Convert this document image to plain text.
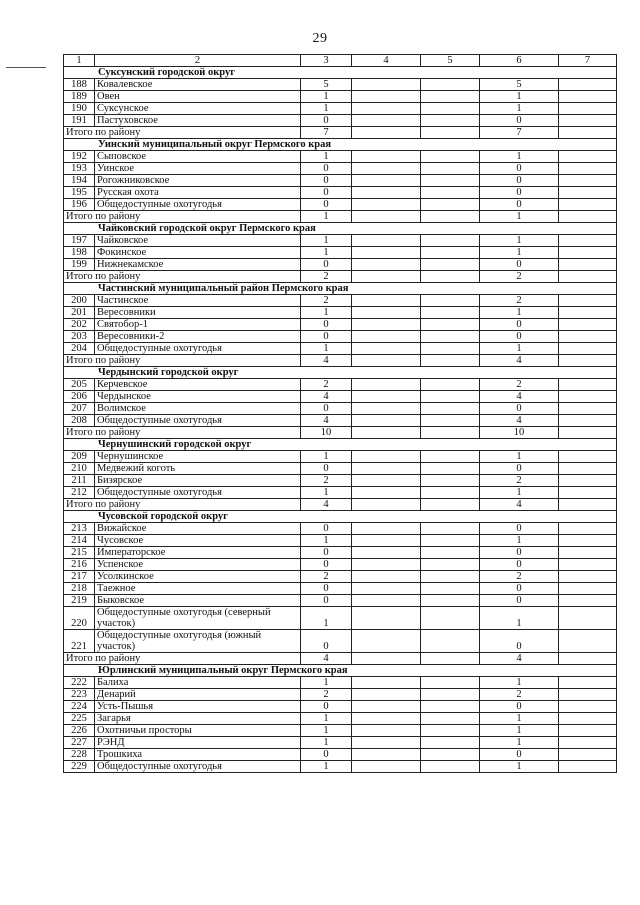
29
1	2	3	4	5	6	7
Суксунский городской округ						
188	Ковалевское	5			5	
189	Овен	1			1	
190	Суксунское	1			1	
191	Пастуховское	0			0	
Итого по району		7			7	
Уинский муниципальный округ Пермского края						
192	Сыповское	1			1	
193	Уинское	0			0	
194	Рогожниковское	0			0	
195	Русская охота	0			0	
196	Общедоступные охотугодья	0			0	
Итого по району		1			1	
Чайковский городской округ Пермского края						
197	Чайковское	1			1	
198	Фокинское	1			1	
199	Нижнекамское	0			0	
Итого по району		2			2	
Частинский муниципальный район Пермского края						
200	Частинское	2			2	
201	Вересовники	1			1	
202	Святобор-1	0			0	
203	Вересовники-2	0			0	
204	Общедоступные охотугодья	1			1	
Итого по району		4			4	
Чердынский городской округ						
205	Керчевское	2			2	
206	Чердынское	4			4	
207	Волимское	0			0	
208	Общедоступные охотугодья	4			4	
Итого по району		10			10	
Чернушинский городской округ						
209	Чернушинское	1			1	
210	Медвежий коготь	0			0	
211	Бизярское	2			2	
212	Общедоступные охотугодья	1			1	
Итого по району		4			4	
Чусовской городской округ						
213	Вижайское	0			0	
214	Чусовское	1			1	
215	Императорское	0			0	
216	Успенское	0			0	
217	Усолкинское	2			2	
218	Таежное	0			0	
219	Быковское	0			0	
220	Общедоступные охотугодья (северный участок)	1			1	
221	Общедоступные охотугодья (южный участок)	0			0	
Итого по району		4			4	
Юрлинский муниципальный округ Пермского края						
222	Балиха	1			1	
223	Денарий	2			2	
224	Усть-Пышья	0			0	
225	Загарья	1			1	
226	Охотничьи просторы	1			1	
227	РЭНД	1			1	
228	Трошкиха	0			0	
229	Общедоступные охотугодья	1			1	
